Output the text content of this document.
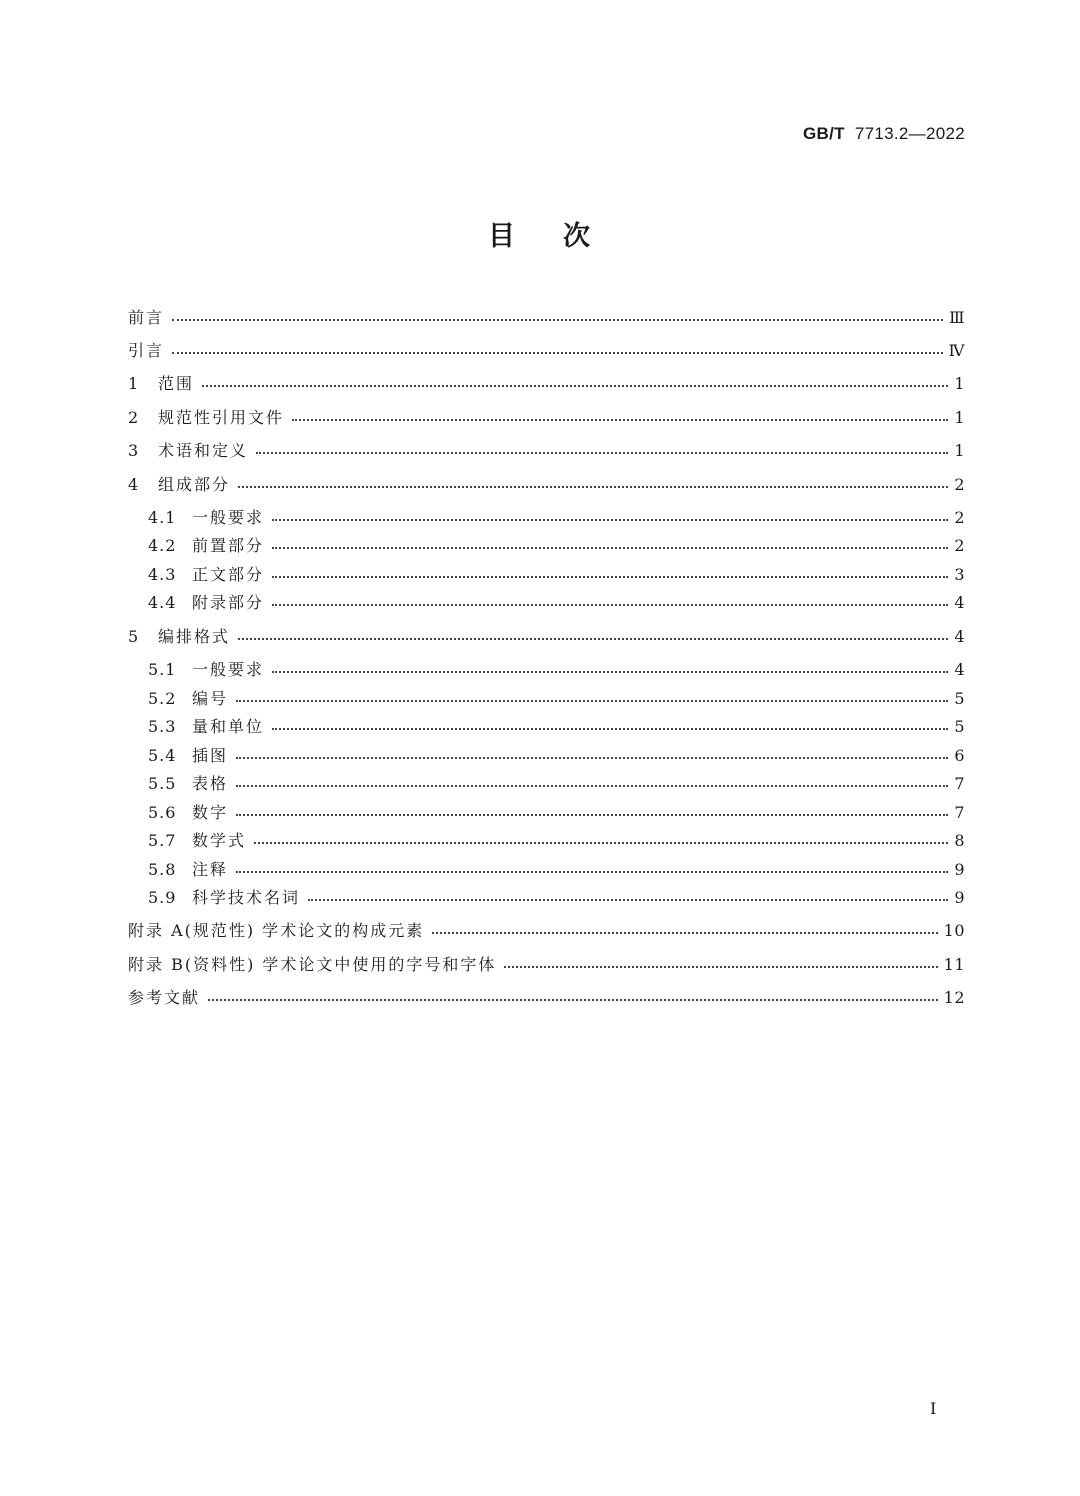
GB/T 7713.2—2022
目 次
前言	Ⅲ
引言	Ⅳ
1	范围	1
2	规范性引用文件	1
3	术语和定义	1
4	组成部分	2
4.1 一般要求	2
4.2 前置部分	2
4.3 正文部分	3
4.4 附录部分	4
5	编排格式	4
5.1 一般要求	4
5.2 编号	5
5.3 量和单位	5
5.4 插图	6
5.5 表格	7
5.6 数字	7
5.7 数学式	8
5.8 注释	9
5.9 科学技术名词	9
附录 A(规范性) 学术论文的构成元素	10
附录 B(资料性) 学术论文中使用的字号和字体	11
参考文献	12
I
